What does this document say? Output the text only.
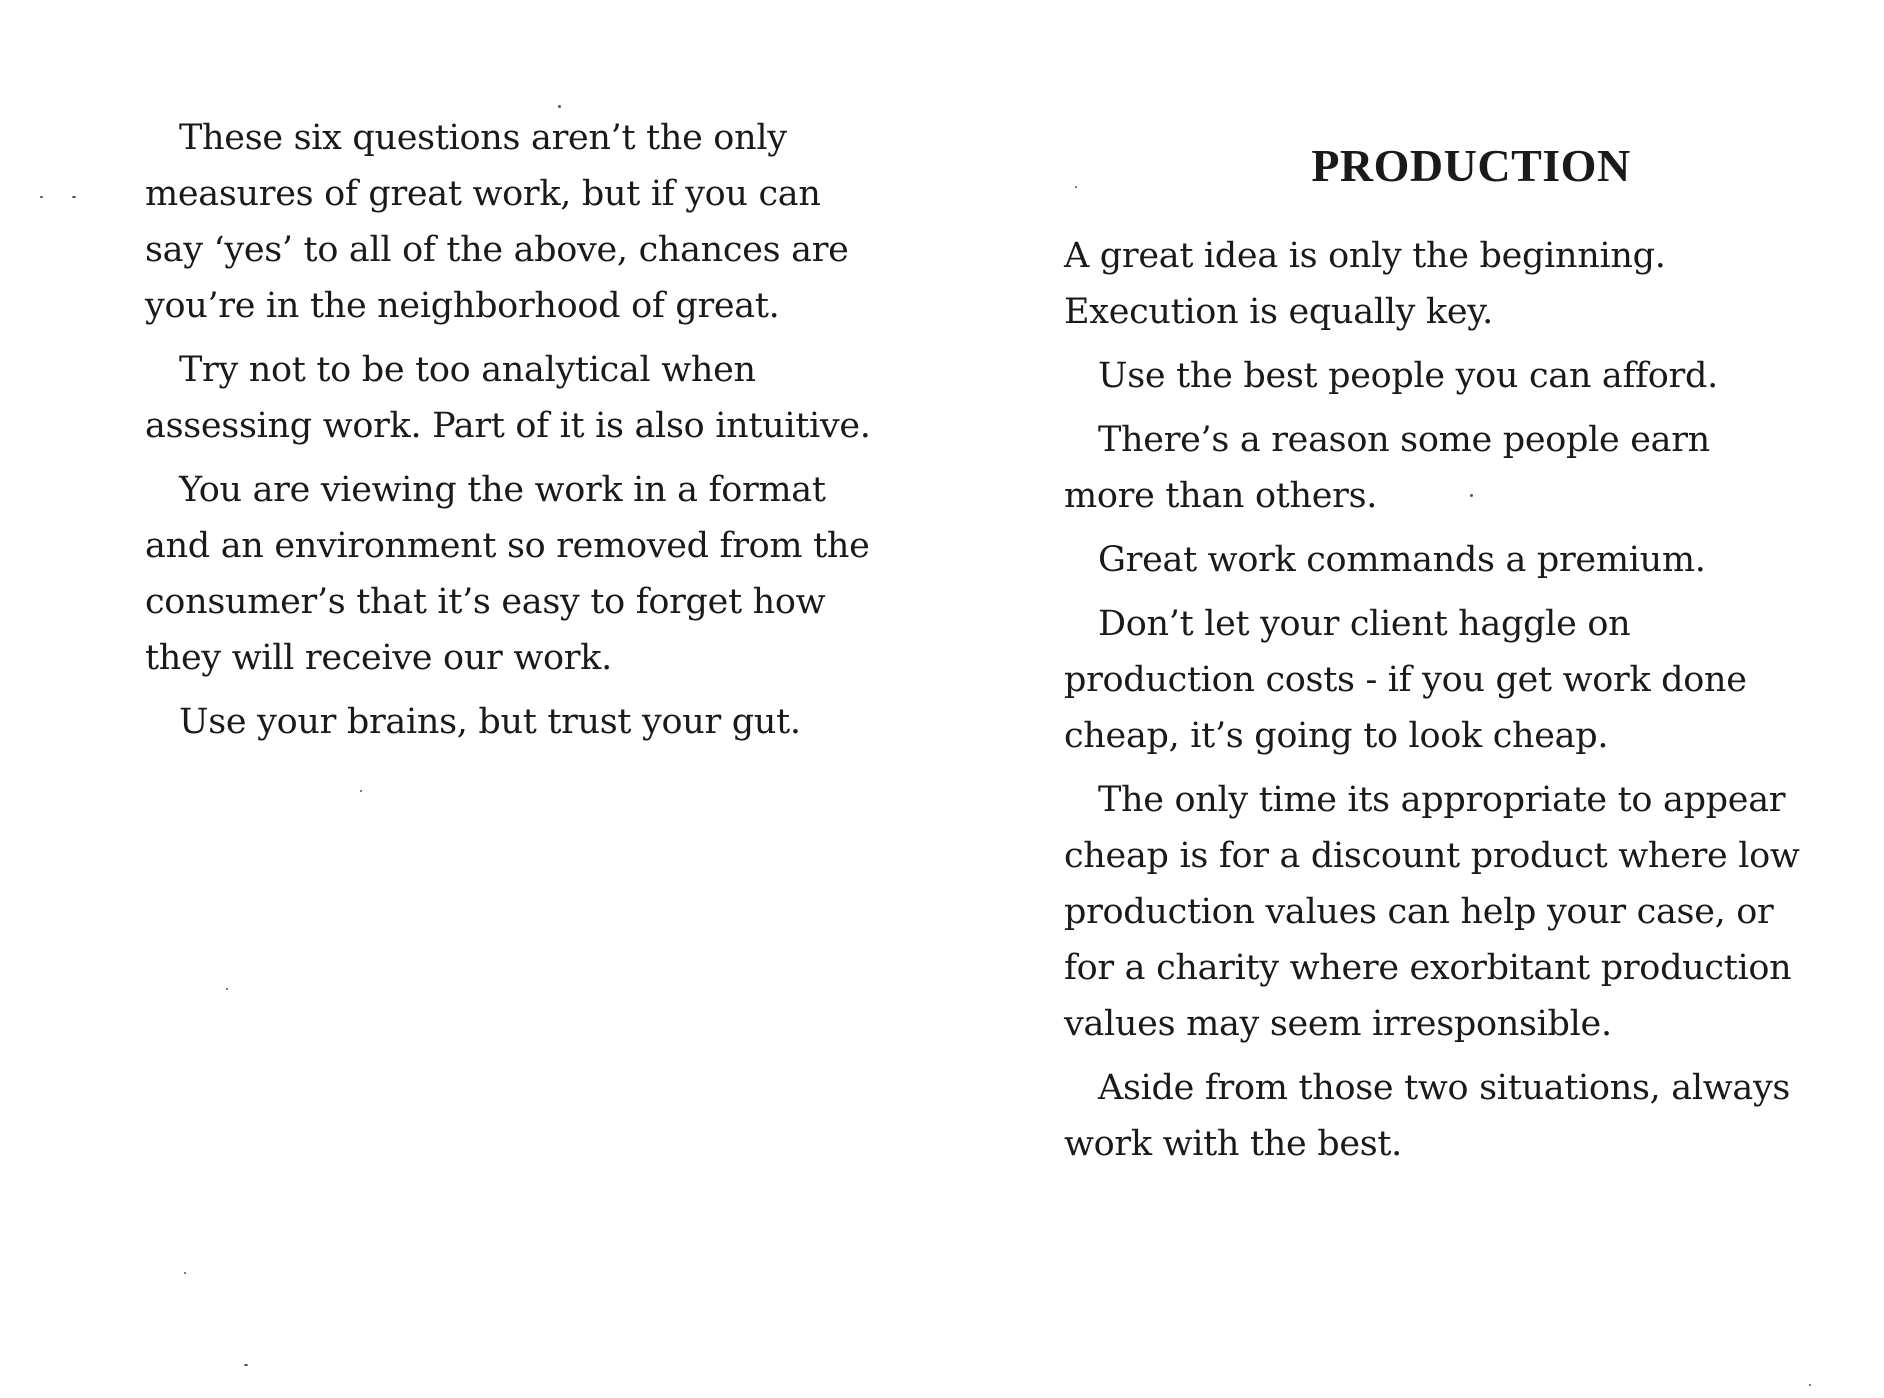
These six questions aren’t the only measures of great work, but if you can say ‘yes’ to all of the above, chances are you’re in the neighborhood of great.

Try not to be too analytical when assessing work. Part of it is also intuitive.

You are viewing the work in a format and an environment so removed from the consumer’s that it’s easy to forget how they will receive our work.

Use your brains, but trust your gut.

PRODUCTION

A great idea is only the beginning. Execution is equally key.

Use the best people you can afford.

There’s a reason some people earn more than others.

Great work commands a premium.

Don’t let your client haggle on production costs - if you get work done cheap, it’s going to look cheap.

The only time its appropriate to appear cheap is for a discount product where low production values can help your case, or for a charity where exorbitant production values may seem irresponsible.

Aside from those two situations, always work with the best.
